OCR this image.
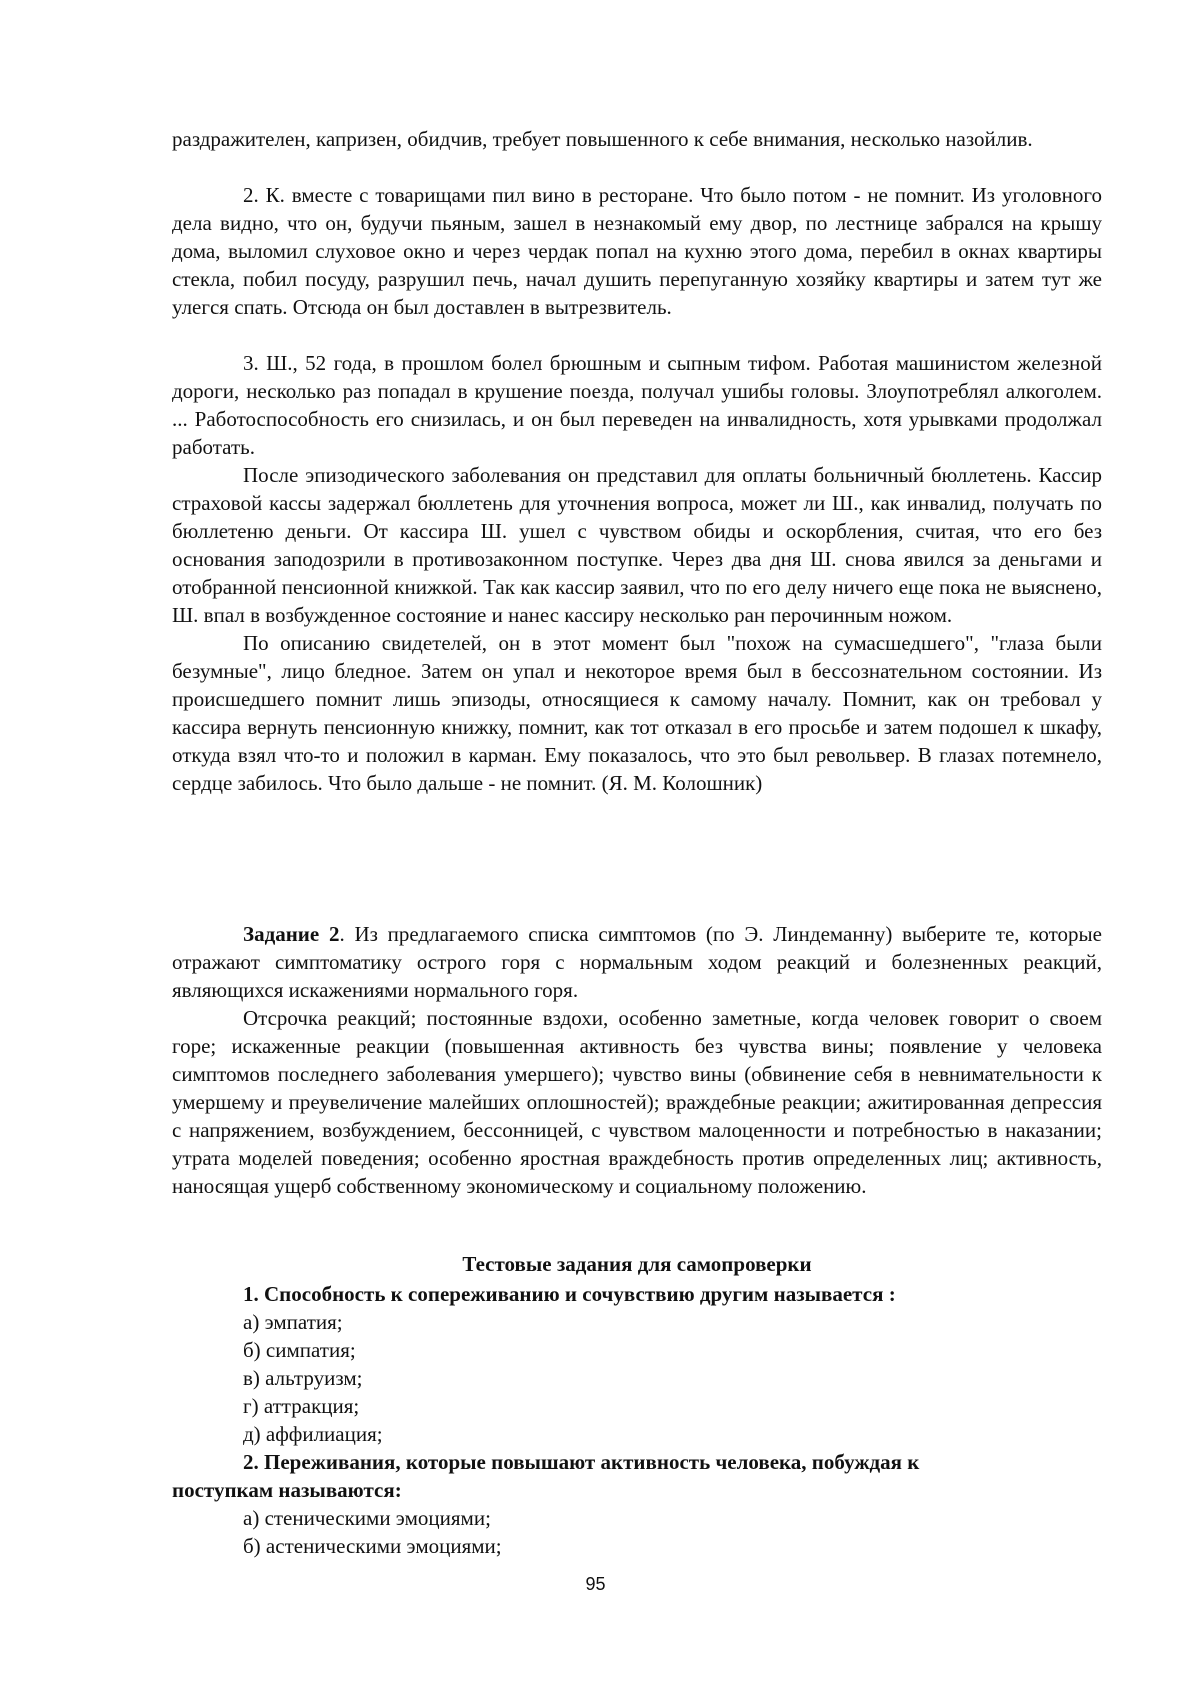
раздражителен, капризен, обидчив, требует повышенного к себе внимания, несколько назойлив.

2. К. вместе с товарищами пил вино в ресторане. Что было потом - не помнит. Из уголовного дела видно, что он, будучи пьяным, зашел в незнакомый ему двор, по лестнице забрался на крышу дома, выломил слуховое окно и через чердак попал на кухню этого дома, перебил в окнах квартиры стекла, побил посуду, разрушил печь, начал душить перепуганную хозяйку квартиры и затем тут же улегся спать. Отсюда он был доставлен в вытрезвитель.

3. Ш., 52 года, в прошлом болел брюшным и сыпным тифом. Работая машинистом железной дороги, несколько раз попадал в крушение поезда, получал ушибы головы. Злоупотреблял алкоголем. ... Работоспособность его снизилась, и он был переведен на инвалидность, хотя урывками продолжал работать.

После эпизодического заболевания он представил для оплаты больничный бюллетень. Кассир страховой кассы задержал бюллетень для уточнения вопроса, может ли Ш., как инвалид, получать по бюллетеню деньги. От кассира Ш. ушел с чувством обиды и оскорбления, считая, что его без основания заподозрили в противозаконном поступке. Через два дня Ш. снова явился за деньгами и отобранной пенсионной книжкой. Так как кассир заявил, что по его делу ничего еще пока не выяснено, Ш. впал в возбужденное состояние и нанес кассиру несколько ран перочинным ножом.

По описанию свидетелей, он в этот момент был "похож на сумасшедшего", "глаза были безумные", лицо бледное. Затем он упал и некоторое время был в бессознательном состоянии. Из происшедшего помнит лишь эпизоды, относящиеся к самому началу. Помнит, как он требовал у кассира вернуть пенсионную книжку, помнит, как тот отказал в его просьбе и затем подошел к шкафу, откуда взял что-то и положил в карман. Ему показалось, что это был револьвер. В глазах потемнело, сердце забилось. Что было дальше - не помнит. (Я. М. Колошник)

Задание 2. Из предлагаемого списка симптомов (по Э. Линдеманну) выберите те, которые отражают симптоматику острого горя с нормальным ходом реакций и болезненных реакций, являющихся искажениями нормального горя.

Отсрочка реакций; постоянные вздохи, особенно заметные, когда человек говорит о своем горе; искаженные реакции (повышенная активность без чувства вины; появление у человека симптомов последнего заболевания умершего); чувство вины (обвинение себя в невнимательности к умершему и преувеличение малейших оплошностей); враждебные реакции; ажитированная депрессия с напряжением, возбуждением, бессонницей, с чувством малоценности и потребностью в наказании; утрата моделей поведения; особенно яростная враждебность против определенных лиц; активность, наносящая ущерб собственному экономическому и социальному положению.

Тестовые задания для самопроверки

1. Способность к сопереживанию и сочувствию другим называется :

а) эмпатия;

б) симпатия;

в) альтруизм;

г) аттракция;

д) аффилиация;

2. Переживания, которые повышают активность человека, побуждая к

поступкам называются:

а) стеническими эмоциями;

б) астеническими эмоциями;

95
